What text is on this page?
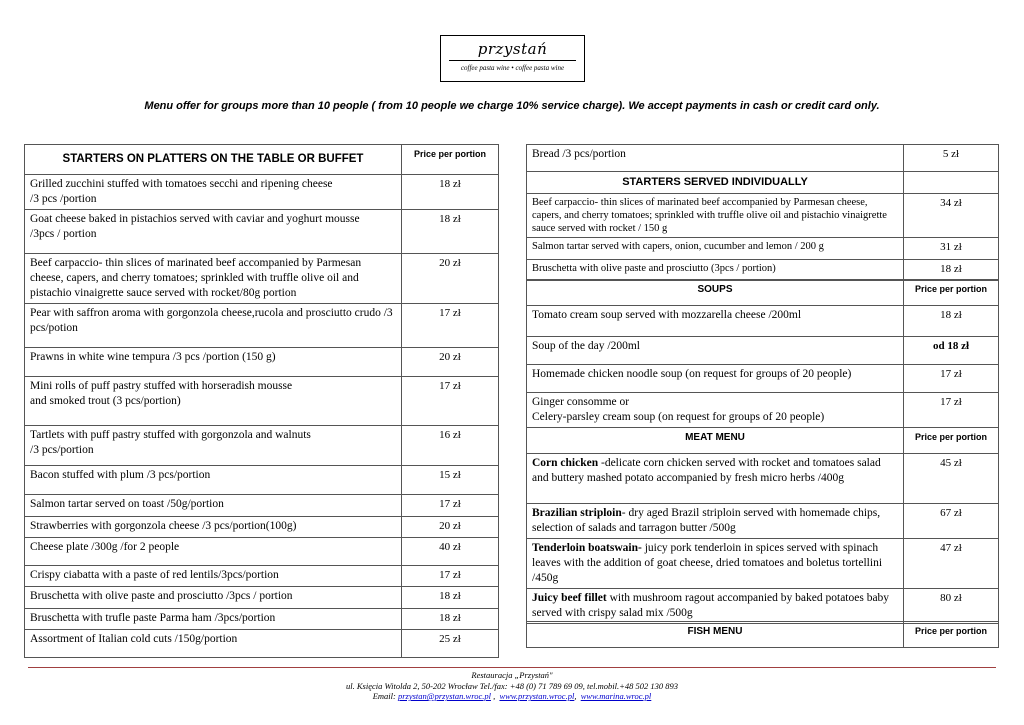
przystań
coffee pasta wine • coffee pasta wine
Menu offer for groups more than 10 people ( from 10 people we charge 10% service charge). We accept payments in cash or credit card only.
STARTERS ON PLATTERS ON THE TABLE OR BUFFET	Price per portion
Grilled zucchini stuffed with tomatoes secchi and ripening cheese
/3 pcs /portion	18 zł
Goat cheese baked in pistachios served with caviar and yoghurt mousse
/3pcs / portion	18 zł
Beef carpaccio- thin slices of marinated beef accompanied by Parmesan cheese, capers, and cherry tomatoes; sprinkled with truffle olive oil and pistachio vinaigrette sauce served with rocket/80g portion	20 zł
Pear with saffron aroma with gorgonzola cheese,rucola and prosciutto crudo /3 pcs/potion	17 zł
Prawns in white wine tempura /3 pcs /portion (150 g)	20 zł
Mini rolls of puff pastry stuffed with horseradish mousse
and smoked trout (3 pcs/portion)	17 zł
Tartlets with puff pastry stuffed with gorgonzola and walnuts
/3 pcs/portion	16 zł
Bacon stuffed with plum /3 pcs/portion	15 zł
Salmon tartar served on toast /50g/portion	17 zł
Strawberries with gorgonzola cheese /3 pcs/portion(100g)	20 zł
Cheese plate /300g /for 2 people	40 zł
Crispy ciabatta with a paste of red lentils/3pcs/portion	17 zł
Bruschetta with olive paste and prosciutto /3pcs / portion	18 zł
Bruschetta with trufle paste Parma ham /3pcs/portion	18 zł
Assortment of Italian cold cuts /150g/portion	25 zł
Bread /3 pcs/portion	5 zł
STARTERS SERVED INDIVIDUALLY	
Beef carpaccio- thin slices of marinated beef accompanied by Parmesan cheese, capers, and cherry tomatoes; sprinkled with truffle olive oil and pistachio vinaigrette sauce served with rocket / 150 g	34 zł
Salmon tartar served with capers, onion, cucumber and lemon / 200 g	31 zł
Bruschetta with olive paste and prosciutto (3pcs / portion)	18 zł
SOUPS	Price per portion
Tomato cream soup served with mozzarella cheese /200ml	18 zł
Soup of the day /200ml	od 18 zł
Homemade chicken noodle soup (on request for groups of 20 people)	17 zł
Ginger consomme or
Celery-parsley cream soup (on request for groups of 20 people)	17 zł
MEAT MENU	Price per portion
Corn chicken -delicate corn chicken served with rocket and tomatoes salad and buttery mashed potato accompanied by fresh micro herbs /400g	45 zł
Brazilian striploin- dry aged Brazil striploin served with homemade chips, selection of salads and tarragon butter /500g	67 zł
Tenderloin boatswain- juicy pork tenderloin in spices served with spinach leaves with the addition of goat cheese, dried tomatoes and boletus tortellini /450g	47 zł
Juicy beef fillet with mushroom ragout accompanied by baked potatoes baby served with crispy salad mix /500g	80 zł
FISH MENU	Price per portion
Restauracja „Przystań"
ul. Księcia Witolda 2, 50-202 Wrocław Tel./fax: +48 (0) 71 789 69 09, tel.mobil.+48 502 130 893
Email: przystan@przystan.wroc.pl ,  www.przystan.wroc.pl,  www.marina.wroc.pl
